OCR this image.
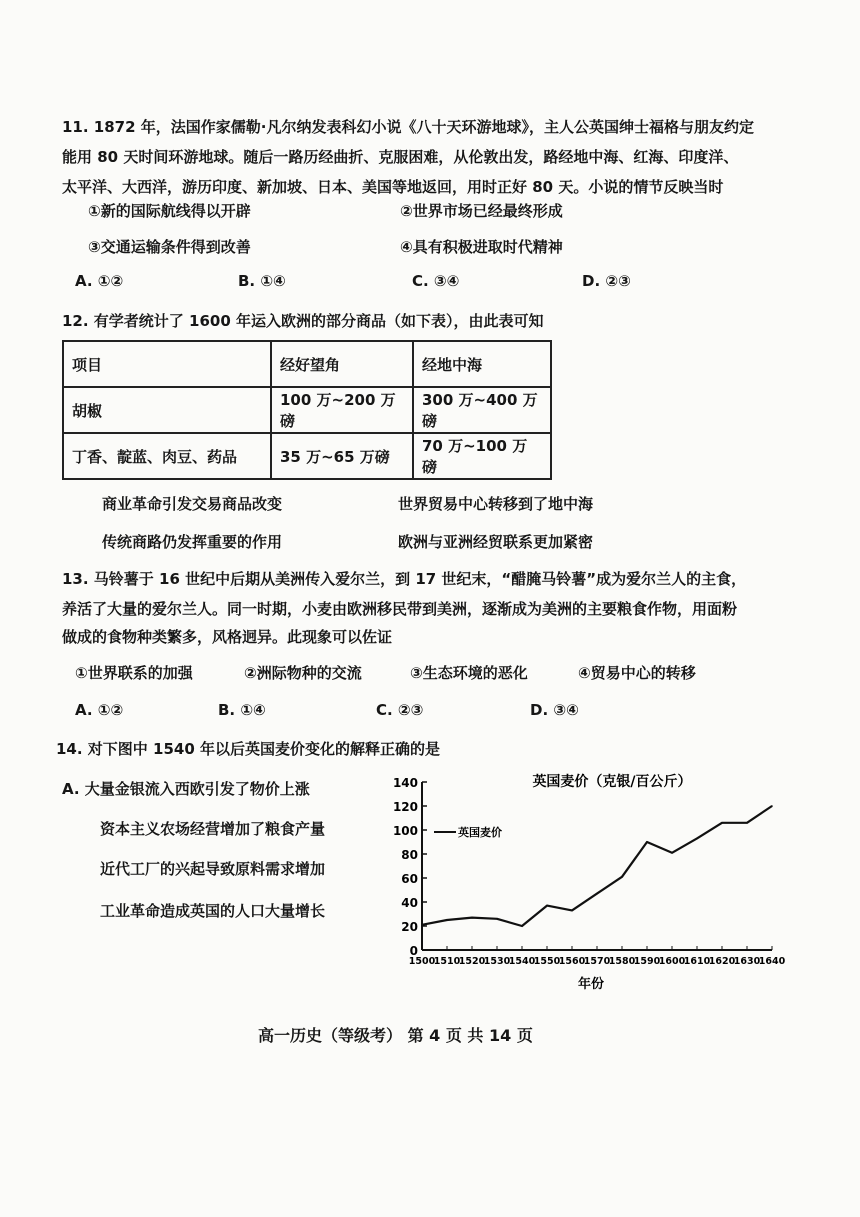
11. 1872 年，法国作家儒勒·凡尔纳发表科幻小说《八十天环游地球》，主人公英国绅士福格与朋友约定
能用 80 天时间环游地球。随后一路历经曲折、克服困难，从伦敦出发，路经地中海、红海、印度洋、
太平洋、大西洋，游历印度、新加坡、日本、美国等地返回，用时正好 80 天。小说的情节反映当时
①新的国际航线得以开辟	②世界市场已经最终形成
③交通运输条件得到改善	④具有积极进取时代精神
A. ①②	B. ①④	C. ③④	D. ②③
12. 有学者统计了 1600 年运入欧洲的部分商品（如下表），由此表可知
项目	经好望角	经地中海
胡椒	100 万~200 万磅	300 万~400 万磅
丁香、靛蓝、肉豆、药品	35 万~65 万磅	70 万~100 万磅
商业革命引发交易商品改变	世界贸易中心转移到了地中海
传统商路仍发挥重要的作用	欧洲与亚洲经贸联系更加紧密
13. 马铃薯于 16 世纪中后期从美洲传入爱尔兰，到 17 世纪末，“醋腌马铃薯”成为爱尔兰人的主食，
养活了大量的爱尔兰人。同一时期，小麦由欧洲移民带到美洲，逐渐成为美洲的主要粮食作物，用面粉
做成的食物种类繁多，风格迥异。此现象可以佐证
①世界联系的加强	②洲际物种的交流	③生态环境的恶化	④贸易中心的转移
A. ①②	B. ①④	C. ②③	D. ③④
14. 对下图中 1540 年以后英国麦价变化的解释正确的是
A. 大量金银流入西欧引发了物价上涨
资本主义农场经营增加了粮食产量
近代工厂的兴起导致原料需求增加
工业革命造成英国的人口大量增长
英国麦价（克银/百公斤）
英国麦价
年份
0
20
40
60
80
100
120
140
1500
1510
1520
1530
1540
1550
1560
1570
1580
1590
1600
1610
1620
1630
1640
高一历史（等级考） 第 4 页 共 14 页
